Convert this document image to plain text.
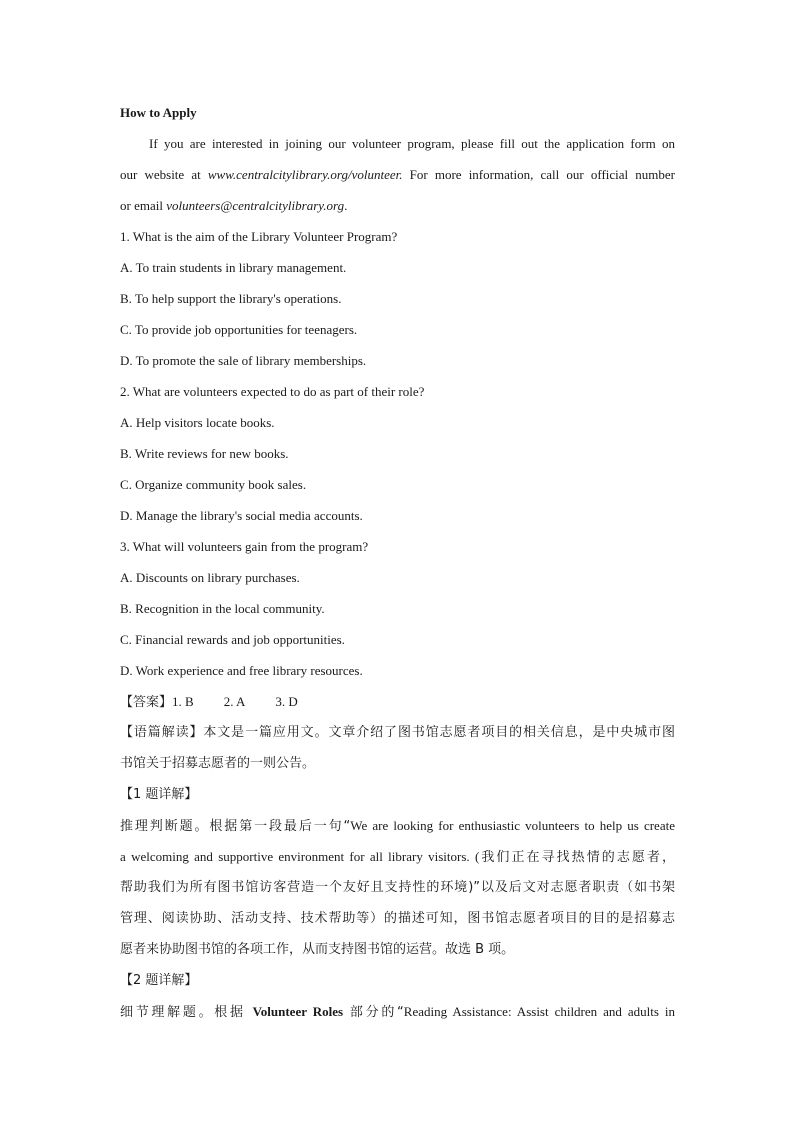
How to Apply
If you are interested in joining our volunteer program, please fill out the application form on
our website at www.centralcitylibrary.org/volunteer. For more information, call our official number
or email volunteers@centralcitylibrary.org.
1. What is the aim of the Library Volunteer Program?
A. To train students in library management.
B. To help support the library's operations.
C. To provide job opportunities for teenagers.
D. To promote the sale of library memberships.
2. What are volunteers expected to do as part of their role?
A. Help visitors locate books.
B. Write reviews for new books.
C. Organize community book sales.
D. Manage the library's social media accounts.
3. What will volunteers gain from the program?
A. Discounts on library purchases.
B. Recognition in the local community.
C. Financial rewards and job opportunities.
D. Work experience and free library resources.
【答案】1. B 2. A 3. D
【语篇解读】本文是一篇应用文。文章介绍了图书馆志愿者项目的相关信息，是中央城市图
书馆关于招募志愿者的一则公告。
【1 题详解】
推理判断题。根据第一段最后一句“We are looking for enthusiastic volunteers to help us create
a welcoming and supportive environment for all library visitors. (我们正在寻找热情的志愿者，
帮助我们为所有图书馆访客营造一个友好且支持性的环境)”以及后文对志愿者职责（如书架
管理、阅读协助、活动支持、技术帮助等）的描述可知，图书馆志愿者项目的目的是招募志
愿者来协助图书馆的各项工作，从而支持图书馆的运营。故选 B 项。
【2 题详解】
细节理解题。根据 Volunteer Roles 部分的“Reading Assistance: Assist children and adults in
